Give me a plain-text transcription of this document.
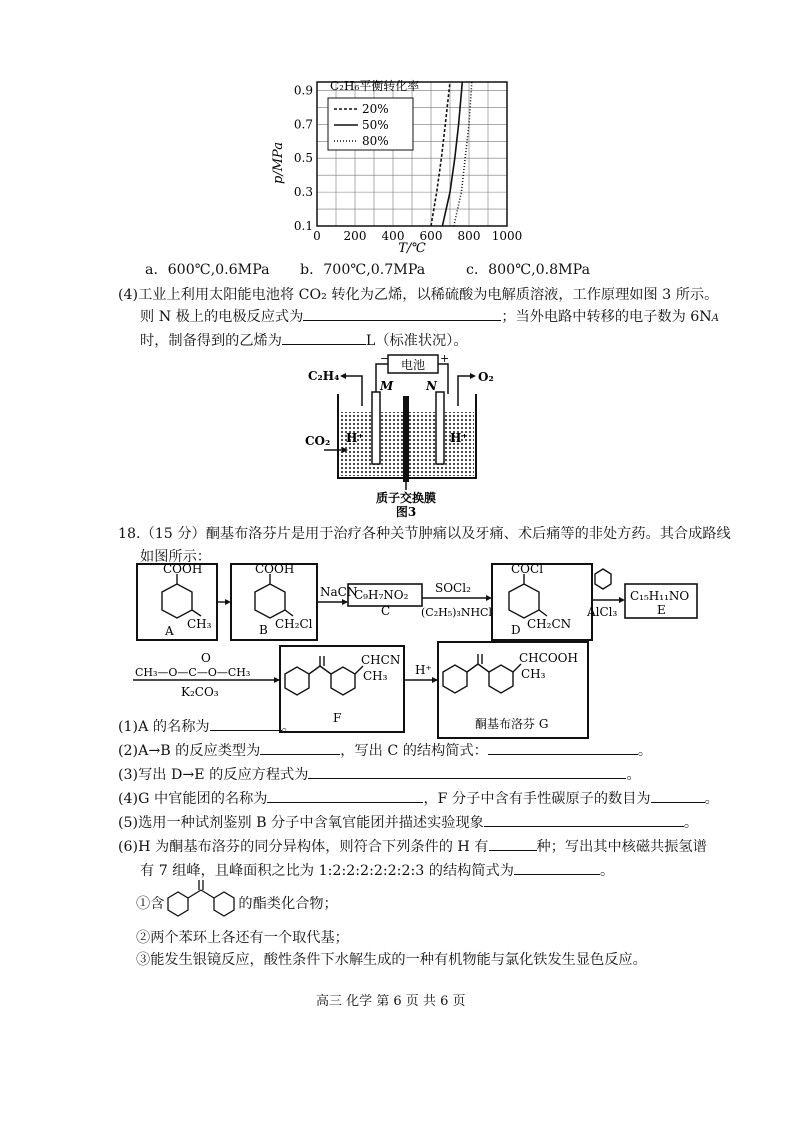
0 200 400 600 800 1000
0.1
0.3
0.5
0.7
0.9
p/MPa
T/℃
C₂H₆平衡转化率
20%
50%
80%
a．600℃,0.6MPa b．700℃,0.7MPa	c．800℃,0.8MPa
(4)工业上利用太阳能电池将 CO₂ 转化为乙烯，以稀硫酸为电解质溶液，工作原理如图 3 所示。
则 N 极上的电极反应式为	；当外电路中转移的电子数为 6NA
时，制备得到的乙烯为	L（标准状况）。
电池
−	+
M	N
C₂H₄	O₂
CO₂ H⁺	H⁺
质子交换膜
图3
18.（15 分）酮基布洛芬片是用于治疗各种关节肿痛以及牙痛、术后痛等的非处方药。其合成路线
如图所示：
COOH
CH₃
A
COOH
CH₂Cl
B
NaCN
C₉H₇NO₂
C
SOCl₂
(C₂H₅)₃NHCl
COCl
CH₂CN
D
AlCl₃
C₁₅H₁₁NO
E
O
CH₃—O—C—O—CH₃
K₂CO₃
CHCN
CH₃
F
H⁺
CHCOOH
CH₃
酮基布洛芬 G
(1)A 的名称为	。
(2)A→B 的反应类型为	，写出 C 的结构简式：	。
(3)写出 D→E 的反应方程式为	。
(4)G 中官能团的名称为	，F 分子中含有手性碳原子的数目为	。
(5)选用一种试剂鉴别 B 分子中含氧官能团并描述实验现象	。
(6)H 为酮基布洛芬的同分异构体，则符合下列条件的 H 有	种；写出其中核磁共振氢谱
有 7 组峰，且峰面积之比为 1:2:2:2:2:2:2:3 的结构简式为	。
①含	的酯类化合物；
②两个苯环上各还有一个取代基；
③能发生银镜反应，酸性条件下水解生成的一种有机物能与氯化铁发生显色反应。
高三 化学 第 6 页 共 6 页
